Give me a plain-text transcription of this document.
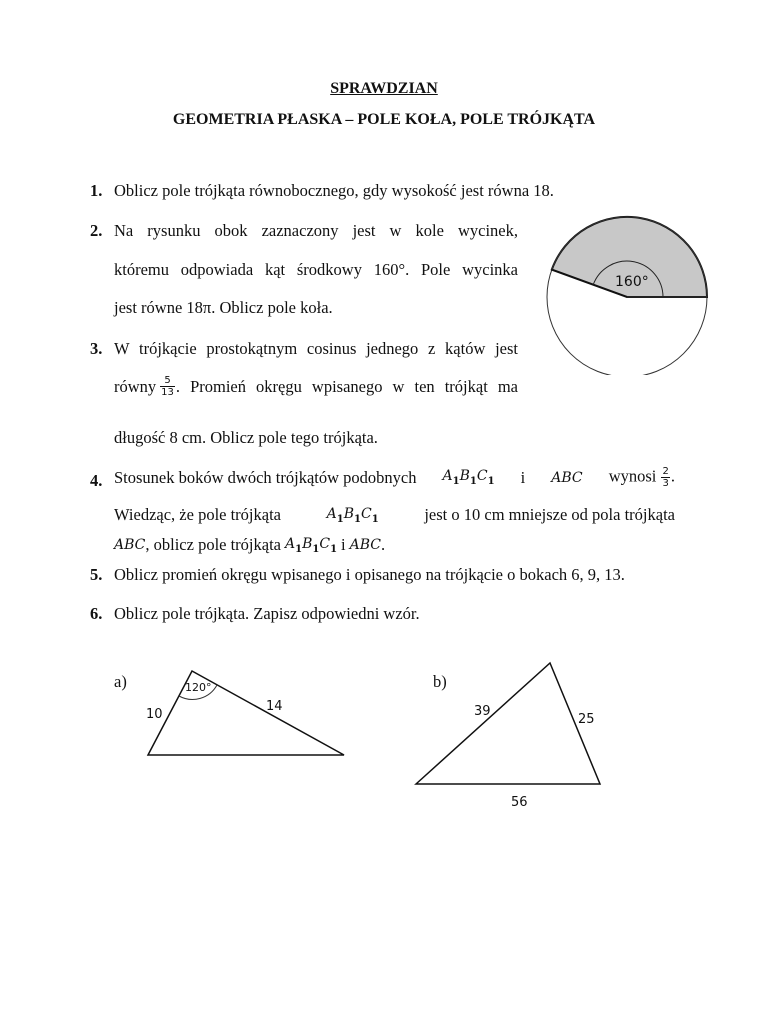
SPRAWDZIAN
GEOMETRIA PŁASKA – POLE KOŁA, POLE TRÓJKĄTA
1. Oblicz pole trójkąta równobocznego, gdy wysokość jest równa 18.
2. Na rysunku obok zaznaczony jest w kole wycinek,
któremu odpowiada kąt środkowy 160°. Pole wycinka
jest równe 18π. Oblicz pole koła.
3. W trójkącie prostokątnym cosinus jednego z kątów jest
równy $\frac{5}{13}$ . Promień okręgu wpisanego w ten trójkąt ma
długość 8 cm. Oblicz pole tego trójkąta.
4. Stosunek boków dwóch trójkątów podobnych $A_1B_1C_1$ i ABC wynosi $\frac{2}{3}$ .
Wiedząc, że pole trójkąta	$A_1B_1C_1$	jest o 10 cm mniejsze od pola trójkąta
ABC , oblicz pole trójkąta $A_1B_1C_1$ i ABC .
5. Oblicz promień okręgu wpisanego i opisanego na trójkącie o bokach 6, 9, 13.
6. Oblicz pole trójkąta. Zapisz odpowiedni wzór.
160°
a)	120°
10
14
b)
39
25
56
